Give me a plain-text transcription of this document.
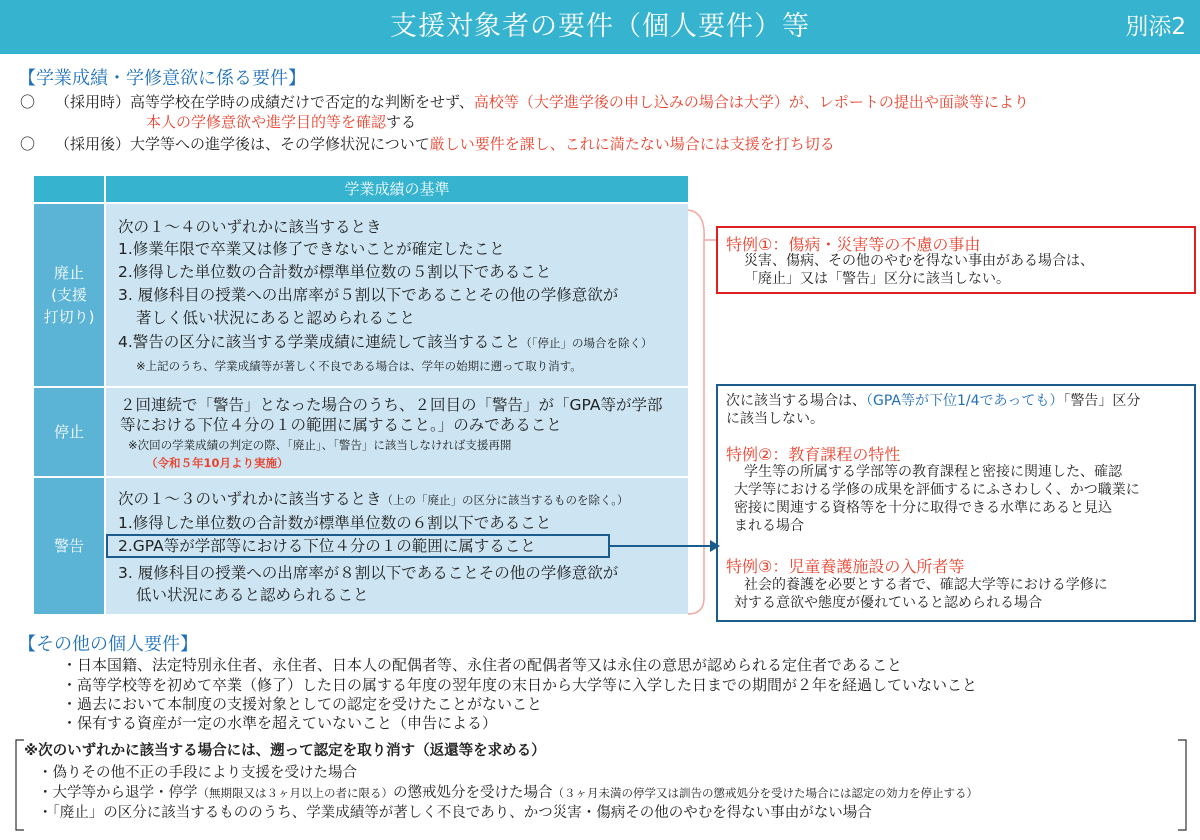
支援対象者の要件（個人要件）等	別添2
【学業成績・学修意欲に係る要件】
〇 （採用時）高等学校在学時の成績だけで否定的な判断をせず、高校等（大学進学後の申し込みの場合は大学）が、レポートの提出や面談等により
本人の学修意欲や進学目的等を確認する
〇 （採用後）大学等への進学後は、その学修状況について厳しい要件を課し、これに満たない場合には支援を打ち切る
学業成績の基準
廃止
(支援
打切り)
次の１～４のいずれかに該当するとき
1.修業年限で卒業又は修了できないことが確定したこと
2.修得した単位数の合計数が標準単位数の５割以下であること
3. 履修科目の授業への出席率が５割以下であることその他の学修意欲が
著しく低い状況にあると認められること
4.警告の区分に該当する学業成績に連続して該当すること（「停止」の場合を除く）
※上記のうち、学業成績等が著しく不良である場合は、学年の始期に遡って取り消す。
停止
２回連続で「警告」となった場合のうち、２回目の「警告」が「GPA等が学部
等における下位４分の１の範囲に属すること。」のみであること
※次回の学業成績の判定の際、「廃止」、「警告」に該当しなければ支援再開
（令和５年10月より実施）
警告
次の１～３のいずれかに該当するとき（上の「廃止」の区分に該当するものを除く。）
1.修得した単位数の合計数が標準単位数の６割以下であること
2.GPA等が学部等における下位４分の１の範囲に属すること
3. 履修科目の授業への出席率が８割以下であることその他の学修意欲が
低い状況にあると認められること
特例①：傷病・災害等の不慮の事由
災害、傷病、その他のやむを得ない事由がある場合は、
「廃止」又は「警告」区分に該当しない。
次に該当する場合は、（GPA等が下位1/4であっても）「警告」区分
に該当しない。
特例②：教育課程の特性
学生等の所属する学部等の教育課程と密接に関連した、確認
大学等における学修の成果を評価するにふさわしく、かつ職業に
密接に関連する資格等を十分に取得できる水準にあると見込
まれる場合
特例③：児童養護施設の入所者等
社会的養護を必要とする者で、確認大学等における学修に
対する意欲や態度が優れていると認められる場合
【その他の個人要件】
・日本国籍、法定特別永住者、永住者、日本人の配偶者等、永住者の配偶者等又は永住の意思が認められる定住者であること
・高等学校等を初めて卒業（修了）した日の属する年度の翌年度の末日から大学等に入学した日までの期間が２年を経過していないこと
・過去において本制度の支援対象としての認定を受けたことがないこと
・保有する資産が一定の水準を超えていないこと（申告による）
※次のいずれかに該当する場合には、遡って認定を取り消す（返還等を求める）
・偽りその他不正の手段により支援を受けた場合
・大学等から退学・停学（無期限又は３ヶ月以上の者に限る）の懲戒処分を受けた場合（３ヶ月未満の停学又は訓告の懲戒処分を受けた場合には認定の効力を停止する）
・「廃止」の区分に該当するもののうち、学業成績等が著しく不良であり、かつ災害・傷病その他のやむを得ない事由がない場合
